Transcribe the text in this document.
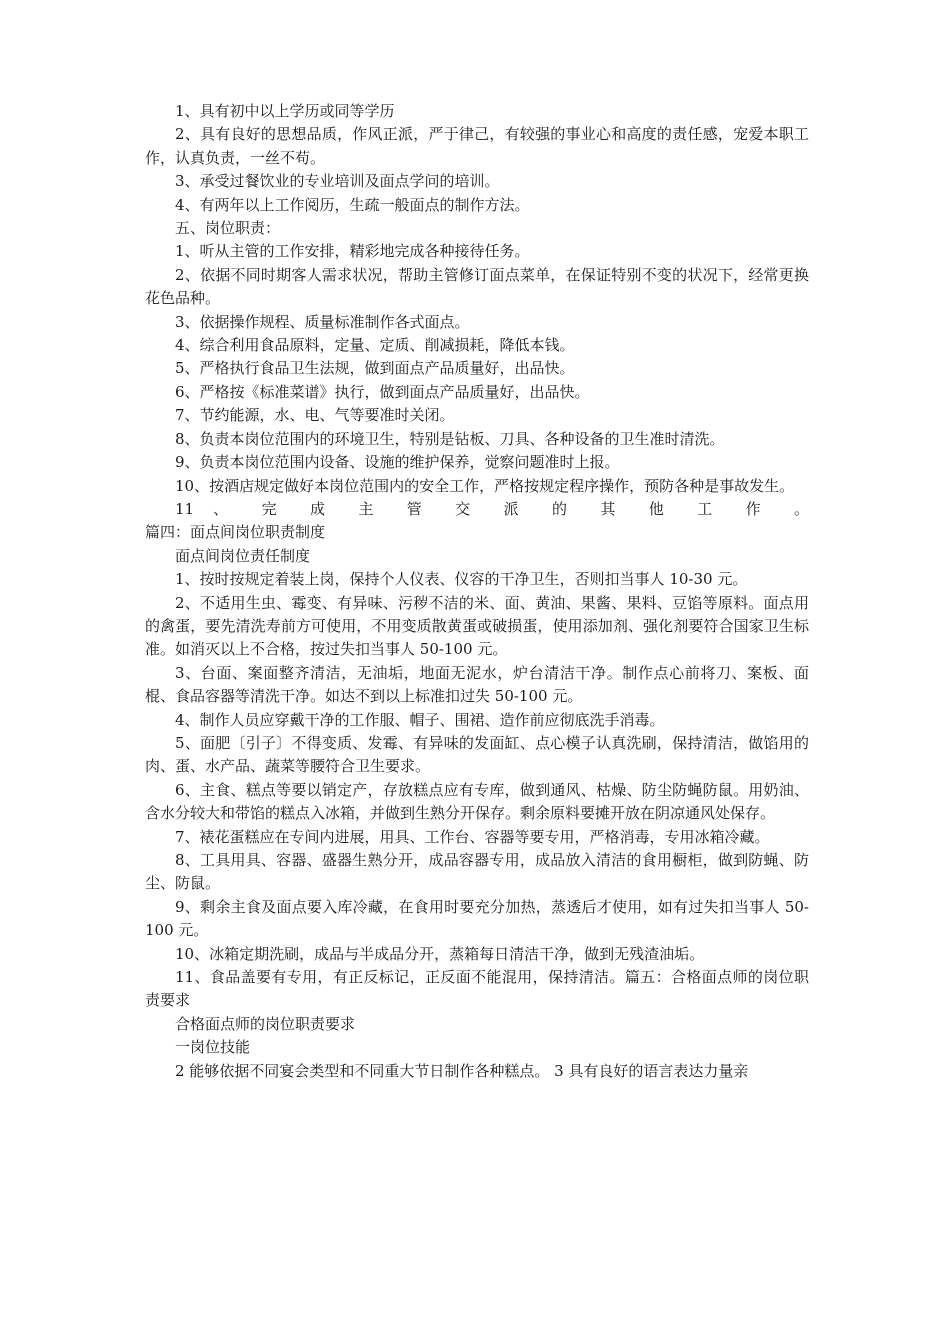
1、具有初中以上学历或同等学历

2、具有良好的思想品质，作风正派，严于律己，有较强的事业心和高度的责任感，宠爱本职工作，认真负责，一丝不苟。

3、承受过餐饮业的专业培训及面点学问的培训。

4、有两年以上工作阅历，生疏一般面点的制作方法。

五、岗位职责：

1、听从主管的工作安排，精彩地完成各种接待任务。

2、依据不同时期客人需求状况，帮助主管修订面点菜单，在保证特别不变的状况下，经常更换花色品种。

3、依据操作规程、质量标准制作各式面点。

4、综合利用食品原料，定量、定质、削减损耗，降低本钱。

5、严格执行食品卫生法规，做到面点产品质量好，出品快。

6、严格按《标准菜谱》执行，做到面点产品质量好，出品快。

7、节约能源，水、电、气等要准时关闭。

8、负责本岗位范围内的环境卫生，特别是钻板、刀具、各种设备的卫生准时清洗。

9、负责本岗位范围内设备、设施的维护保养，觉察问题准时上报。

10、按酒店规定做好本岗位范围内的安全工作，严格按规定程序操作，预防各种是事故发生。

11 、 完 成 主 管 交 派 的 其 他 工 作 。

篇四：面点间岗位职责制度

面点间岗位责任制度

1、按时按规定着装上岗，保持个人仪表、仪容的干净卫生，否则扣当事人 10-30 元。

2、不适用生虫、霉变、有异味、污秽不洁的米、面、黄油、果酱、果料、豆馅等原料。面点用的禽蛋，要先清洗寿前方可使用，不用变质散黄蛋或破损蛋，使用添加剂、强化剂要符合国家卫生标准。如消灭以上不合格，按过失扣当事人 50-100 元。

3、台面、案面整齐清洁，无油垢，地面无泥水，炉台清洁干净。制作点心前将刀、案板、面棍、食品容器等清洗干净。如达不到以上标准扣过失 50-100 元。

4、制作人员应穿戴干净的工作服、帽子、围裙、造作前应彻底洗手消毒。

5、面肥〔引子〕不得变质、发霉、有异味的发面缸、点心模子认真洗刷，保持清洁，做馅用的肉、蛋、水产品、蔬菜等腰符合卫生要求。

6、主食、糕点等要以销定产，存放糕点应有专库，做到通风、枯燥、防尘防蝇防鼠。用奶油、含水分较大和带馅的糕点入冰箱，并做到生熟分开保存。剩余原料要摊开放在阴凉通风处保存。

7、裱花蛋糕应在专间内进展，用具、工作台、容器等要专用，严格消毒，专用冰箱冷藏。

8、工具用具、容器、盛器生熟分开，成品容器专用，成品放入清洁的食用橱柜，做到防蝇、防尘、防鼠。

9、剩余主食及面点要入库冷藏，在食用时要充分加热，蒸透后才使用，如有过失扣当事人 50-100 元。

10、冰箱定期洗刷，成品与半成品分开，蒸箱每日清洁干净，做到无残渣油垢。

11、食品盖要有专用，有正反标记，正反面不能混用，保持清洁。篇五：合格面点师的岗位职责要求

合格面点师的岗位职责要求

一岗位技能

2 能够依据不同宴会类型和不同重大节日制作各种糕点。 3 具有良好的语言表达力量亲
